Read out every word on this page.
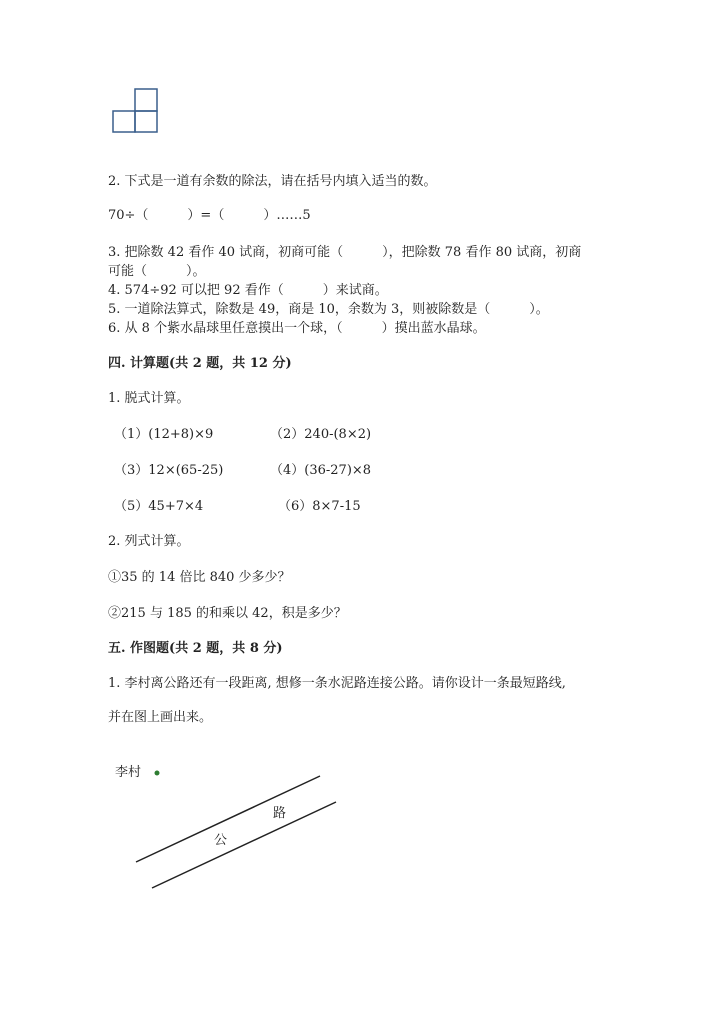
2. 下式是一道有余数的除法，请在括号内填入适当的数。
70÷（　　　）=（　　　）……5
3. 把除数 42 看作 40 试商，初商可能（　　　），把除数 78 看作 80 试商，初商
可能（　　　）。
4. 574÷92 可以把 92 看作（　　　）来试商。
5. 一道除法算式，除数是 49，商是 10，余数为 3，则被除数是（　　　）。
6. 从 8 个紫水晶球里任意摸出一个球，（　　　）摸出蓝水晶球。
四. 计算题(共 2 题，共 12 分)
1. 脱式计算。
（1）(12+8)×9	（2）240-(8×2)
（3）12×(65-25)	（4）(36-27)×8
（5）45+7×4	（6）8×7-15
2. 列式计算。
①35 的 14 倍比 840 少多少？
②215 与 185 的和乘以 42，积是多少？
五. 作图题(共 2 题，共 8 分)
1. 李村离公路还有一段距离, 想修一条水泥路连接公路。请你设计一条最短路线,
并在图上画出来。
李村
公
路
